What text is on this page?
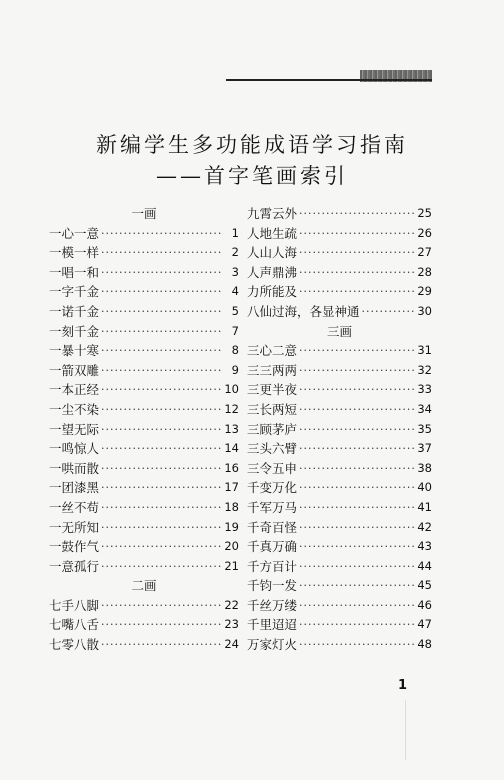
新编学生多功能成语学习指南
——首字笔画索引
一画
一心一意 ·····	1
一模一样 ·····	2
一唱一和 ·····	3
一字千金 ·····	4
一诺千金 ·····	5
一刻千金 ·····	7
一暴十寒 ·····	8
一箭双雕 ·····	9
一本正经 ·····	10
一尘不染 ·····	12
一望无际 ·····	13
一鸣惊人 ·····	14
一哄而散 ·····	16
一团漆黑 ·····	17
一丝不苟 ·····	18
一无所知 ·····	19
一鼓作气 ·····	20
一意孤行 ·····	21
二画
七手八脚 ·····	22
七嘴八舌 ·····	23
七零八散 ·····	24
九霄云外 ·····	25
人地生疏 ·····	26
人山人海 ·····	27
人声鼎沸 ·····	28
力所能及 ·····	29
八仙过海，各显神通 ·····	30
三画
三心二意 ·····	31
三三两两 ·····	32
三更半夜 ·····	33
三长两短 ·····	34
三顾茅庐 ·····	35
三头六臂 ·····	37
三令五申 ·····	38
千变万化 ·····	40
千军万马 ·····	41
千奇百怪 ·····	42
千真万确 ·····	43
千方百计 ·····	44
千钧一发 ·····	45
千丝万缕 ·····	46
千里迢迢 ·····	47
万家灯火 ·····	48
1
